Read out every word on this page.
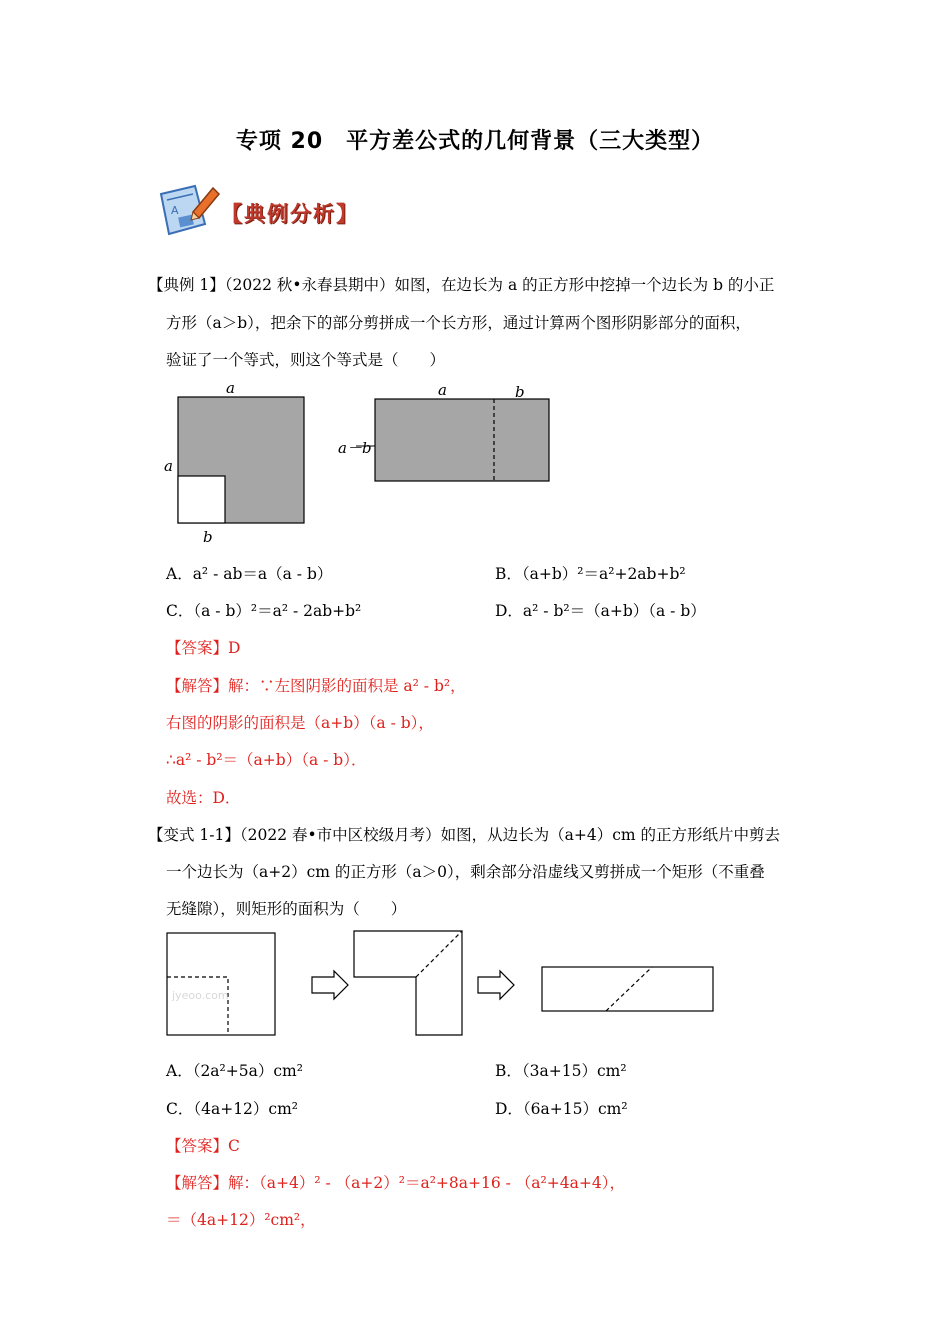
专项 20　平方差公式的几何背景（三大类型）
A 【典例分析】
【典例 1】（2022 秋•永春县期中）如图，在边长为 a 的正方形中挖掉一个边长为 b 的小正
方形（a＞b），把余下的部分剪拼成一个长方形，通过计算两个图形阴影部分的面积，
验证了一个等式，则这个等式是（　　）
a
a
b
a	b
a－b
A．a² - ab＝a（a - b）	B．（a+b）²＝a²+2ab+b²
C．（a - b）²＝a² - 2ab+b²	D．a² - b²＝（a+b）（a - b）
【答案】D
【解答】解：∵左图阴影的面积是 a² - b²，
右图的阴影的面积是（a+b）（a - b），
∴a² - b²＝（a+b）（a - b）．
故选：D．
【变式 1-1】（2022 春•市中区校级月考）如图，从边长为（a+4）cm 的正方形纸片中剪去
一个边长为（a+2）cm 的正方形（a＞0），剩余部分沿虚线又剪拼成一个矩形（不重叠
无缝隙），则矩形的面积为（　　）
jyeoo.com
A．（2a²+5a）cm²	B．（3a+15）cm²
C．（4a+12）cm²	D．（6a+15）cm²
【答案】C
【解答】解：（a+4）² - （a+2）²＝a²+8a+16 - （a²+4a+4），
＝（4a+12）²cm²，
